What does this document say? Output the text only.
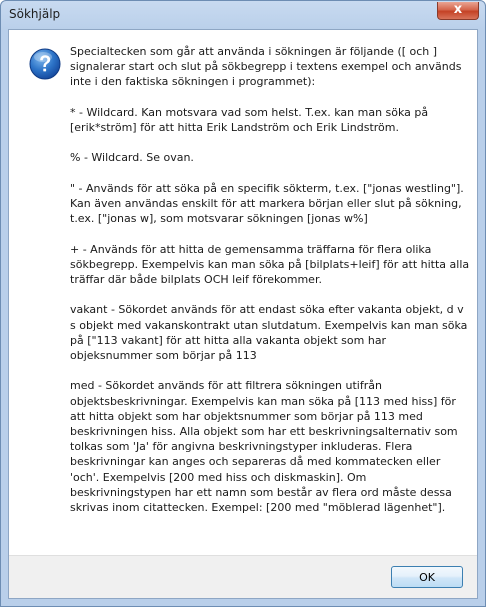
Sökhjälp	x

Specialtecken som går att använda i sökningen är följande ([ och ] signalerar start och slut på sökbegrepp i textens exempel och används inte i den faktiska sökningen i programmet):

* - Wildcard. Kan motsvara vad som helst. T.ex. kan man söka på [erik*ström] för att hitta Erik Landström och Erik Lindström.

% - Wildcard. Se ovan.

" - Används för att söka på en specifik sökterm, t.ex. ["jonas westling"]. Kan även användas enskilt för att markera början eller slut på sökning, t.ex. ["jonas w], som motsvarar sökningen [jonas w%]

+ - Används för att hitta de gemensamma träffarna för flera olika sökbegrepp. Exempelvis kan man söka på [bilplats+leif] för att hitta alla träffar där både bilplats OCH leif förekommer.

vakant - Sökordet används för att endast söka efter vakanta objekt, d v s objekt med vakanskontrakt utan slutdatum. Exempelvis kan man söka på ["113 vakant] för att hitta alla vakanta objekt som har objeksnummer som börjar på 113

med - Sökordet används för att filtrera sökningen utifrån objektsbeskrivningar. Exempelvis kan man söka på [113 med hiss] för att hitta objekt som har objektsnummer som börjar på 113 med beskrivningen hiss. Alla objekt som har ett beskrivningsalternativ som tolkas som 'Ja' för angivna beskrivningstyper inkluderas. Flera beskrivningar kan anges och separeras då med kommatecken eller 'och'. Exempelvis [200 med hiss och diskmaskin]. Om beskrivningstypen har ett namn som består av flera ord måste dessa skrivas inom citattecken. Exempel: [200 med "möblerad lägenhet"].

OK
